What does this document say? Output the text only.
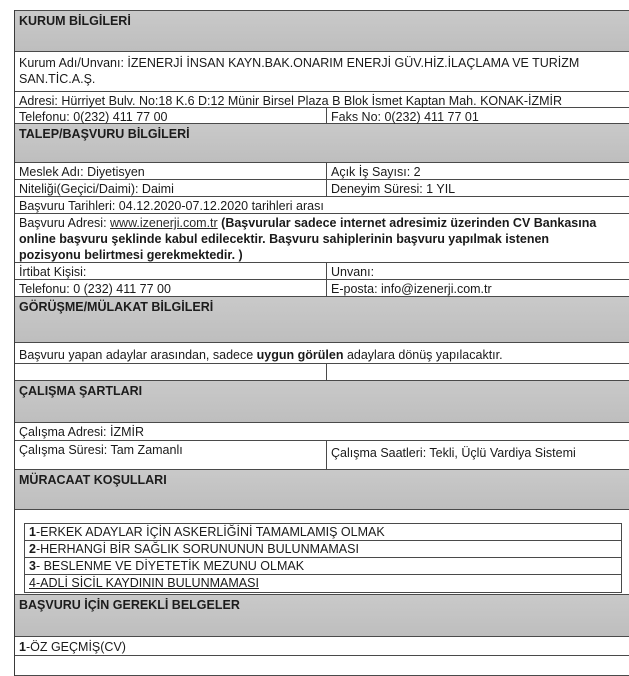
KURUM BİLGİLERİ
Kurum Adı/Unvanı: İZENERJİ İNSAN KAYN.BAK.ONARIM ENERJİ GÜV.HİZ.İLAÇLAMA VE TURİZM SAN.TİC.A.Ş.
Adresi: Hürriyet Bulv. No:18 K.6 D:12 Münir Birsel Plaza B Blok İsmet Kaptan Mah. KONAK-İZMİR
Telefonu: 0(232) 411 77 00	Faks No: 0(232) 411 77 01
TALEP/BAŞVURU BİLGİLERİ
Meslek Adı: Diyetisyen	Açık İş Sayısı: 2
Niteliği(Geçici/Daimi): Daimi	Deneyim Süresi: 1 YIL
Başvuru Tarihleri: 04.12.2020-07.12.2020 tarihleri arası
Başvuru Adresi: www.izenerji.com.tr (Başvurular sadece internet adresimiz üzerinden CV Bankasına online başvuru şeklinde kabul edilecektir. Başvuru sahiplerinin başvuru yapılmak istenen pozisyonu belirtmesi gerekmektedir. )
İrtibat Kişisi:	Unvanı:
Telefonu: 0 (232) 411 77 00	E-posta: info@izenerji.com.tr
GÖRÜŞME/MÜLAKAT BİLGİLERİ
Başvuru yapan adaylar arasından, sadece uygun görülen adaylara dönüş yapılacaktır.
ÇALIŞMA ŞARTLARI
Çalışma Adresi: İZMİR
Çalışma Süresi: Tam Zamanlı	Çalışma Saatleri: Tekli, Üçlü Vardiya Sistemi
MÜRACAAT KOŞULLARI
1-ERKEK ADAYLAR İÇİN ASKERLİĞİNİ TAMAMLAMIŞ OLMAK
2-HERHANGİ BİR SAĞLIK SORUNUNUN BULUNMAMASI
3- BESLENME VE DİYETETİK MEZUNU OLMAK
4-ADLİ SİCİL KAYDININ BULUNMAMASI
BAŞVURU İÇİN GEREKLİ BELGELER
1-ÖZ GEÇMİŞ(CV)
